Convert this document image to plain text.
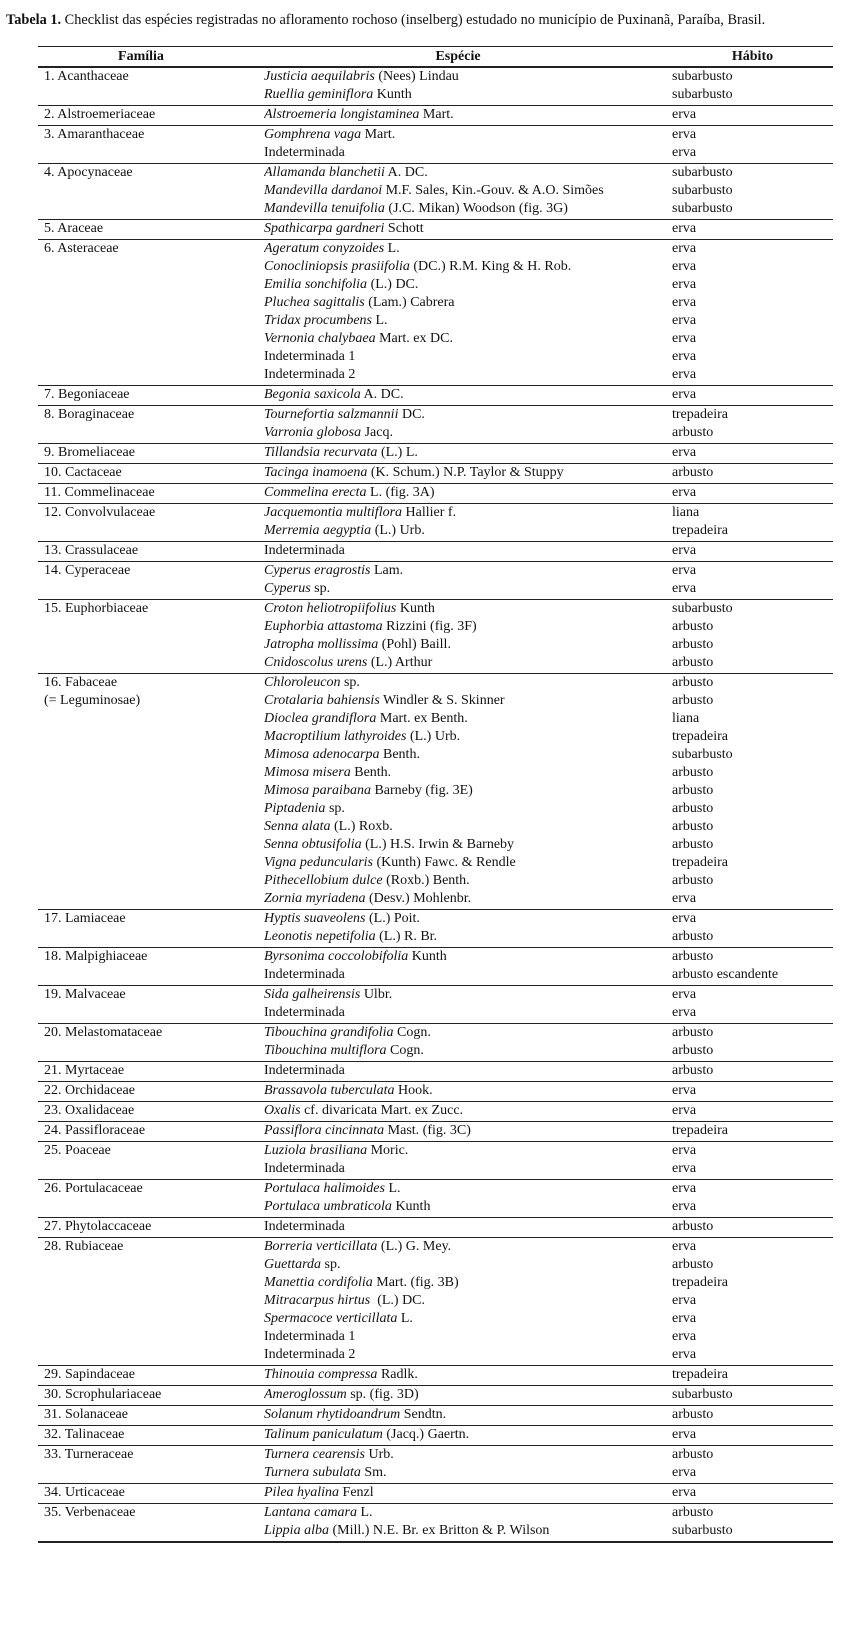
Tabela 1. Checklist das espécies registradas no afloramento rochoso (inselberg) estudado no município de Puxinanã, Paraíba, Brasil.
Família	Espécie	Hábito
1. Acanthaceae	Justicia aequilabris (Nees) Lindau	subarbusto
Ruellia geminiflora Kunth	subarbusto
2. Alstroemeriaceae	Alstroemeria longistaminea Mart.	erva
3. Amaranthaceae	Gomphrena vaga Mart.	erva
Indeterminada	erva
4. Apocynaceae	Allamanda blanchetii A. DC.	subarbusto
Mandevilla dardanoi M.F. Sales, Kin.-Gouv. & A.O. Simões	subarbusto
Mandevilla tenuifolia (J.C. Mikan) Woodson (fig. 3G)	subarbusto
5. Araceae	Spathicarpa gardneri Schott	erva
6. Asteraceae	Ageratum conyzoides L.	erva
Conocliniopsis prasiifolia (DC.) R.M. King & H. Rob.	erva
Emilia sonchifolia (L.) DC.	erva
Pluchea sagittalis (Lam.) Cabrera	erva
Tridax procumbens L.	erva
Vernonia chalybaea Mart. ex DC.	erva
Indeterminada 1	erva
Indeterminada 2	erva
7. Begoniaceae	Begonia saxicola A. DC.	erva
8. Boraginaceae	Tournefortia salzmannii DC.	trepadeira
Varronia globosa Jacq.	arbusto
9. Bromeliaceae	Tillandsia recurvata (L.) L.	erva
10. Cactaceae	Tacinga inamoena (K. Schum.) N.P. Taylor & Stuppy	arbusto
11. Commelinaceae	Commelina erecta L. (fig. 3A)	erva
12. Convolvulaceae	Jacquemontia multiflora Hallier f.	liana
Merremia aegyptia (L.) Urb.	trepadeira
13. Crassulaceae	Indeterminada	erva
14. Cyperaceae	Cyperus eragrostis Lam.	erva
Cyperus sp.	erva
15. Euphorbiaceae	Croton heliotropiifolius Kunth	subarbusto
Euphorbia attastoma Rizzini (fig. 3F)	arbusto
Jatropha mollissima (Pohl) Baill.	arbusto
Cnidoscolus urens (L.) Arthur	arbusto
16. Fabaceae	Chloroleucon sp.	arbusto
(= Leguminosae)	Crotalaria bahiensis Windler & S. Skinner	arbusto
Dioclea grandiflora Mart. ex Benth.	liana
Macroptilium lathyroides (L.) Urb.	trepadeira
Mimosa adenocarpa Benth.	subarbusto
Mimosa misera Benth.	arbusto
Mimosa paraibana Barneby (fig. 3E)	arbusto
Piptadenia sp.	arbusto
Senna alata (L.) Roxb.	arbusto
Senna obtusifolia (L.) H.S. Irwin & Barneby	arbusto
Vigna peduncularis (Kunth) Fawc. & Rendle	trepadeira
Pithecellobium dulce (Roxb.) Benth.	arbusto
Zornia myriadena (Desv.) Mohlenbr.	erva
17. Lamiaceae	Hyptis suaveolens (L.) Poit.	erva
Leonotis nepetifolia (L.) R. Br.	arbusto
18. Malpighiaceae	Byrsonima coccolobifolia Kunth	arbusto
Indeterminada	arbusto escandente
19. Malvaceae	Sida galheirensis Ulbr.	erva
Indeterminada	erva
20. Melastomataceae	Tibouchina grandifolia Cogn.	arbusto
Tibouchina multiflora Cogn.	arbusto
21. Myrtaceae	Indeterminada	arbusto
22. Orchidaceae	Brassavola tuberculata Hook.	erva
23. Oxalidaceae	Oxalis cf. divaricata Mart. ex Zucc.	erva
24. Passifloraceae	Passiflora cincinnata Mast. (fig. 3C)	trepadeira
25. Poaceae	Luziola brasiliana Moric.	erva
Indeterminada	erva
26. Portulacaceae	Portulaca halimoides L.	erva
Portulaca umbraticola Kunth	erva
27. Phytolaccaceae	Indeterminada	arbusto
28. Rubiaceae	Borreria verticillata (L.) G. Mey.	erva
Guettarda sp.	arbusto
Manettia cordifolia Mart. (fig. 3B)	trepadeira
Mitracarpus hirtus  (L.) DC.	erva
Spermacoce verticillata L.	erva
Indeterminada 1	erva
Indeterminada 2	erva
29. Sapindaceae	Thinouia compressa Radlk.	trepadeira
30. Scrophulariaceae	Ameroglossum sp. (fig. 3D)	subarbusto
31. Solanaceae	Solanum rhytidoandrum Sendtn.	arbusto
32. Talinaceae	Talinum paniculatum (Jacq.) Gaertn.	erva
33. Turneraceae	Turnera cearensis Urb.	arbusto
Turnera subulata Sm.	erva
34. Urticaceae	Pilea hyalina Fenzl	erva
35. Verbenaceae	Lantana camara L.	arbusto
Lippia alba (Mill.) N.E. Br. ex Britton & P. Wilson	subarbusto
